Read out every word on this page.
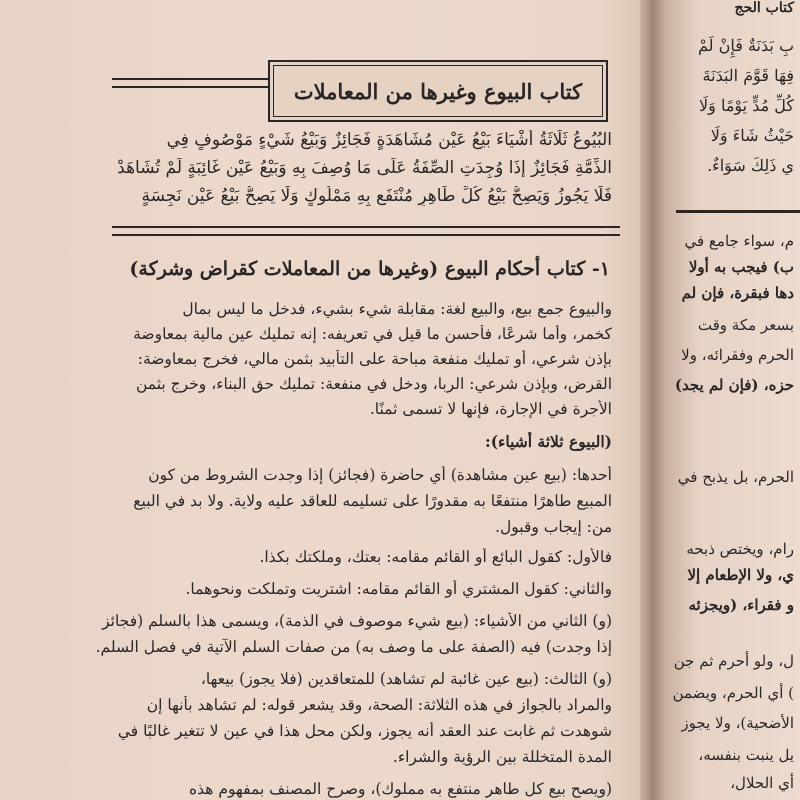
كتاب البيوع وغيرها من المعاملات
البُيُوعُ ثَلَاثَةُ أَشْيَاءَ بَيْعُ عَيْنٍ مُشَاهَدَةٍ فَجَائِزٌ وَبَيْعُ شَيْءٍ مَوْصُوفٍ فِي
الذِّمَّةِ فَجَائِزٌ إِذَا وُجِدَتِ الصِّفَةُ عَلَى مَا وُصِفَ بِهِ وَبَيْعُ عَيْنٍ غَائِبَةٍ لَمْ تُشَاهَدْ
فَلَا يَجُوزُ وَيَصِحُّ بَيْعُ كُلِّ طَاهِرٍ مُنْتَفَعٍ بِهِ مَمْلُوكٍ وَلَا يَصِحُّ بَيْعُ عَيْنٍ نَجِسَةٍ
١- كتاب أحكام البيوع (وغيرها من المعاملات كقراض وشركة)
والبيوع جمع بيع، والبيع لغة: مقابلة شيء بشيء، فدخل ما ليس بمال
كخمر، وأما شرعًا، فأحسن ما قيل في تعريفه: إنه تمليك عين مالية بمعاوضة
بإذن شرعي، أو تمليك منفعة مباحة على التأبيد بثمن مالي، فخرج بمعاوضة:
القرض، وبإذن شرعي: الربا، ودخل في منفعة: تمليك حق البناء، وخرج بثمن
الأجرة في الإجارة، فإنها لا تسمى ثمنًا.
(البيوع ثلاثة أشياء):
أحدها: (بيع عين مشاهدة) أي حاضرة (فجائز) إذا وجدت الشروط من كون
المبيع طاهرًا منتفعًا به مقدورًا على تسليمه للعاقد عليه ولاية. ولا بد في البيع
من: إيجاب وقبول.
فالأول: كقول البائع أو القائم مقامه: بعتك، وملكتك بكذا.
والثاني: كقول المشتري أو القائم مقامه: اشتريت وتملكت ونحوهما.
(و) الثاني من الأشياء: (بيع شيء موصوف في الذمة)، ويسمى هذا بالسلم (فجائز
إذا وجدت) فيه (الصفة على ما وصف به) من صفات السلم الآتية في فصل السلم.
(و) الثالث: (بيع عين غائبة لم تشاهد) للمتعاقدين (فلا يجوز) بيعها،
والمراد بالجواز في هذه الثلاثة: الصحة، وقد يشعر قوله: لم تشاهد بأنها إن
شوهدت ثم غابت عند العقد أنه يجوز، ولكن محل هذا في عين لا تتغير غالبًا في
المدة المتخللة بين الرؤية والشراء.
(ويصح بيع كل طاهر منتفع به مملوك)، وصرح المصنف بمفهوم هذه
كتاب الحج
بِ بَدَنَةٌ فَإِنْ لَمْ
فِهَا قَوَّمَ البَدَنَةَ
كُلِّ مُدٍّ يَوْمًا وَلَا
حَيْثُ شَاءَ وَلَا
ي ذَلِكَ سَوَاءٌ.
م، سواء جامع في
ب) فيجب به أولا
دها فبقرة، فإن لم
بسعر مكة وقت
الحرم وفقرائه، ولا
حزه، (فإن لم يجد)
الحرم، بل يذبح في
رام، ويختص ذبحه
ي، ولا الإطعام إلا
و فقراء، (ويجزئه
ل، ولو أحرم ثم جن
) أي الحرم، ويضمن
الأضحية)، ولا يجوز
يل ينبت بنفسه،
أي الحلال،
